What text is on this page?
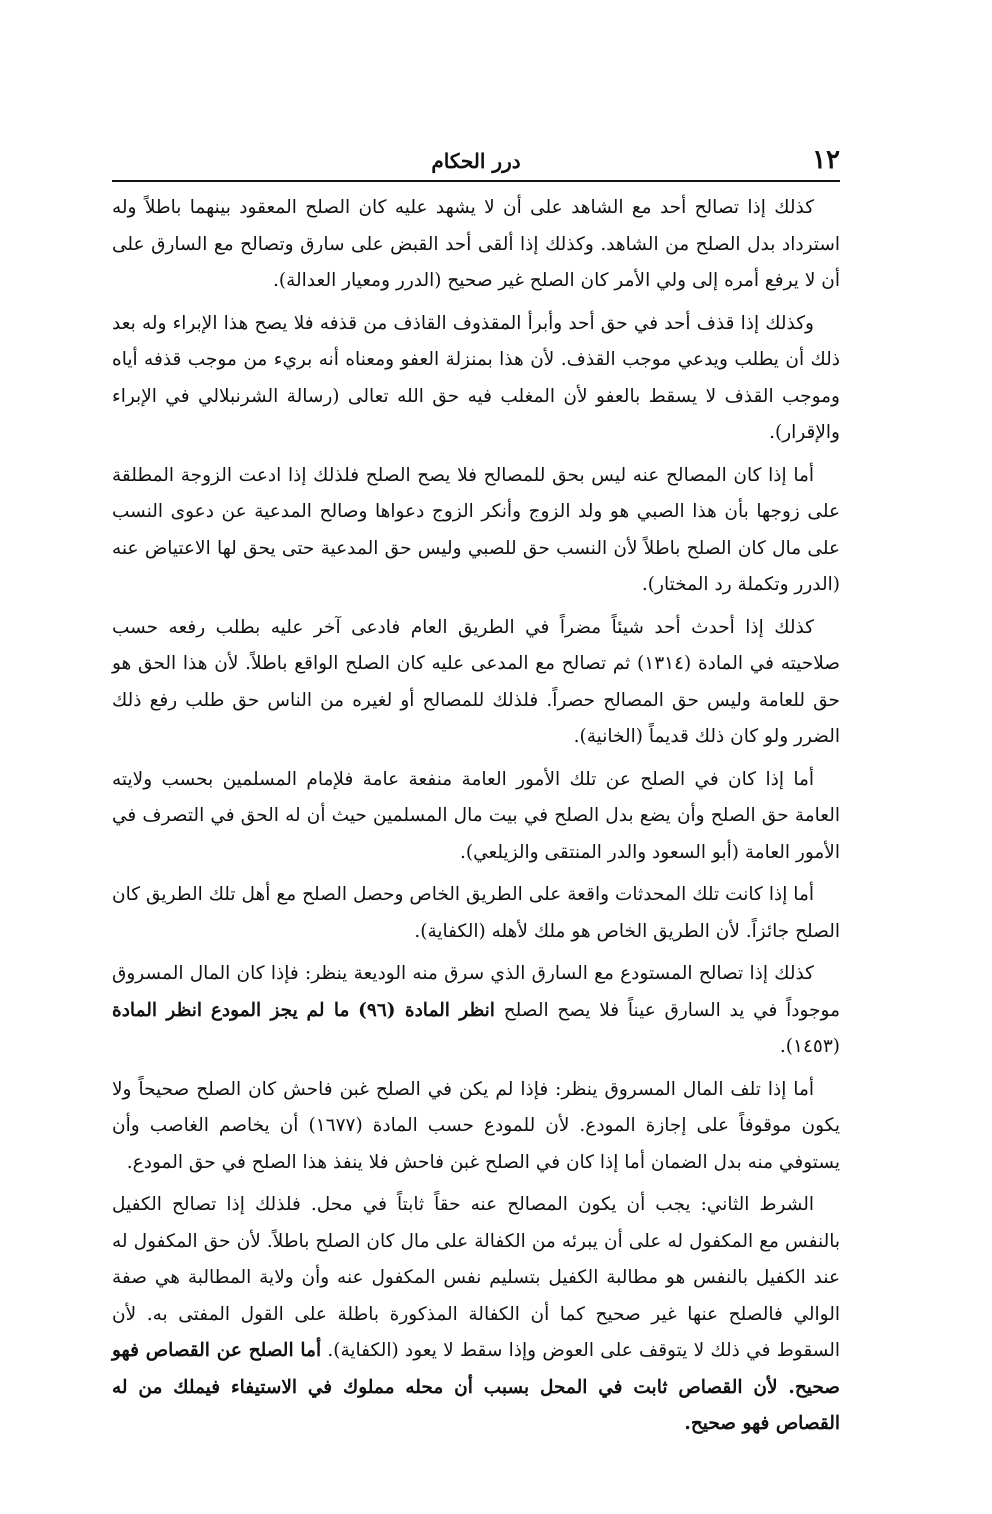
١٢
درر الحكام

كذلك إذا تصالح أحد مع الشاهد على أن لا يشهد عليه كان الصلح المعقود بينهما باطلاً وله استرداد بدل الصلح من الشاهد. وكذلك إذا ألقى أحد القبض على سارق وتصالح مع السارق على أن لا يرفع أمره إلى ولي الأمر كان الصلح غير صحيح (الدرر ومعيار العدالة).

وكذلك إذا قذف أحد في حق أحد وأبرأ المقذوف القاذف من قذفه فلا يصح هذا الإبراء وله بعد ذلك أن يطلب ويدعي موجب القذف. لأن هذا بمنزلة العفو ومعناه أنه بريء من موجب قذفه أياه وموجب القذف لا يسقط بالعفو لأن المغلب فيه حق الله تعالى (رسالة الشرنبلالي في الإبراء والإقرار).

أما إذا كان المصالح عنه ليس بحق للمصالح فلا يصح الصلح فلذلك إذا ادعت الزوجة المطلقة على زوجها بأن هذا الصبي هو ولد الزوج وأنكر الزوج دعواها وصالح المدعية عن دعوى النسب على مال كان الصلح باطلاً لأن النسب حق للصبي وليس حق المدعية حتى يحق لها الاعتياض عنه (الدرر وتكملة رد المختار).

كذلك إذا أحدث أحد شيئاً مضراً في الطريق العام فادعى آخر عليه بطلب رفعه حسب صلاحيته في المادة (١٣١٤) ثم تصالح مع المدعى عليه كان الصلح الواقع باطلاً. لأن هذا الحق هو حق للعامة وليس حق المصالح حصراً. فلذلك للمصالح أو لغيره من الناس حق طلب رفع ذلك الضرر ولو كان ذلك قديماً (الخانية).

أما إذا كان في الصلح عن تلك الأمور العامة منفعة عامة فلإمام المسلمين بحسب ولايته العامة حق الصلح وأن يضع بدل الصلح في بيت مال المسلمين حيث أن له الحق في التصرف في الأمور العامة (أبو السعود والدر المنتقى والزيلعي).

أما إذا كانت تلك المحدثات واقعة على الطريق الخاص وحصل الصلح مع أهل تلك الطريق كان الصلح جائزاً. لأن الطريق الخاص هو ملك لأهله (الكفاية).

كذلك إذا تصالح المستودع مع السارق الذي سرق منه الوديعة ينظر: فإذا كان المال المسروق موجوداً في يد السارق عيناً فلا يصح الصلح انظر المادة (٩٦) ما لم يجز المودع انظر المادة (١٤٥٣).

أما إذا تلف المال المسروق ينظر: فإذا لم يكن في الصلح غبن فاحش كان الصلح صحيحاً ولا يكون موقوفاً على إجازة المودع. لأن للمودع حسب المادة (١٦٧٧) أن يخاصم الغاصب وأن يستوفي منه بدل الضمان أما إذا كان في الصلح غبن فاحش فلا ينفذ هذا الصلح في حق المودع.

الشرط الثاني: يجب أن يكون المصالح عنه حقاً ثابتاً في محل. فلذلك إذا تصالح الكفيل بالنفس مع المكفول له على أن يبرئه من الكفالة على مال كان الصلح باطلاً. لأن حق المكفول له عند الكفيل بالنفس هو مطالبة الكفيل بتسليم نفس المكفول عنه وأن ولاية المطالبة هي صفة الوالي فالصلح عنها غير صحيح كما أن الكفالة المذكورة باطلة على القول المفتى به. لأن السقوط في ذلك لا يتوقف على العوض وإذا سقط لا يعود (الكفاية). أما الصلح عن القصاص فهو صحيح. لأن القصاص ثابت في المحل بسبب أن محله مملوك في الاستيفاء فيملك من له القصاص فهو صحيح.
